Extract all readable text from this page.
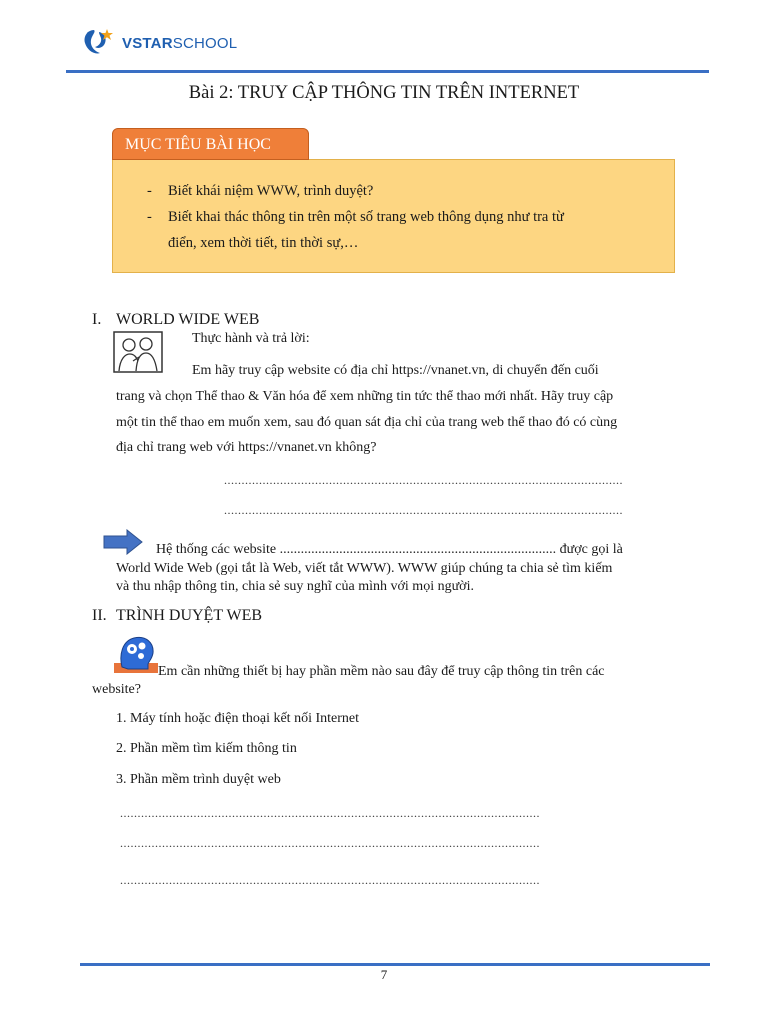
VSTARSCHOOL
Bài 2: TRUY CẬP THÔNG TIN TRÊN INTERNET
MỤC TIÊU BÀI HỌC
- Biết khái niệm WWW, trình duyệt?
- Biết khai thác thông tin trên một số trang web thông dụng như tra từ
điển, xem thời tiết, tin thời sự,…
I. WORLD WIDE WEB
Thực hành và trả lời:
Em hãy truy cập website có địa chỉ https://vnanet.vn, di chuyển đến cuối
trang và chọn Thể thao & Văn hóa để xem những tin tức thể thao mới nhất. Hãy truy cập
một tin thể thao em muốn xem, sau đó quan sát địa chỉ của trang web thể thao đó có cùng
địa chỉ trang web với https://vnanet.vn không?
..................................................................................................................
..................................................................................................................
Hệ thống các website ............................................................................... được gọi là
World Wide Web (gọi tắt là Web, viết tắt WWW). WWW giúp chúng ta chia sẻ tìm kiếm
và thu nhập thông tin, chia sẻ suy nghĩ của mình với mọi người.
II. TRÌNH DUYỆT WEB
Em cần những thiết bị hay phần mềm nào sau đây để truy cập thông tin trên các
website?
1. Máy tính hoặc điện thoại kết nối Internet
2. Phần mềm tìm kiếm thông tin
3. Phần mềm trình duyệt web
........................................................................................................................
........................................................................................................................
........................................................................................................................
7
